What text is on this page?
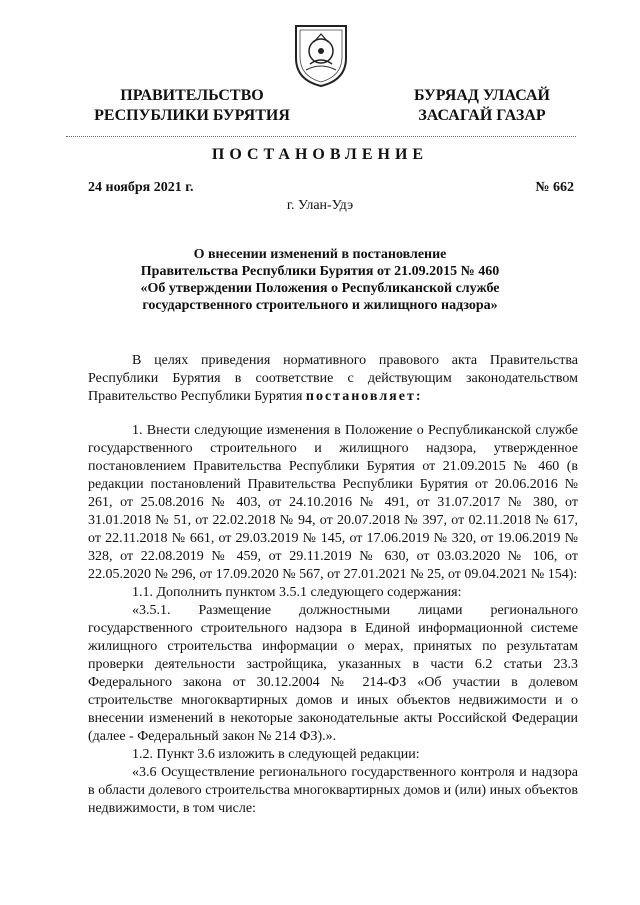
ПРАВИТЕЛЬСТВО
РЕСПУБЛИКИ БУРЯТИЯ
БУРЯАД УЛАСАЙ
ЗАСАГАЙ ГАЗАР
ПОСТАНОВЛЕНИЕ
24 ноября 2021 г.	№ 662
г. Улан-Удэ
О внесении изменений в постановление
Правительства Республики Бурятия от 21.09.2015 № 460
«Об утверждении Положения о Республиканской службе
государственного строительного и жилищного надзора»

В целях приведения нормативного правового акта Правительства Республики Бурятия в соответствие с действующим законодательством Правительство Республики Бурятия постановляет:

1. Внести следующие изменения в Положение о Республиканской службе государственного строительного и жилищного надзора, утвержденное постановлением Правительства Республики Бурятия от 21.09.2015 № 460 (в редакции постановлений Правительства Республики Бурятия от 20.06.2016 № 261, от 25.08.2016 № 403, от 24.10.2016 № 491, от 31.07.2017 № 380, от 31.01.2018 № 51, от 22.02.2018 № 94, от 20.07.2018 № 397, от 02.11.2018 № 617, от 22.11.2018 № 661, от 29.03.2019 № 145, от 17.06.2019 № 320, от 19.06.2019 № 328, от 22.08.2019 № 459, от 29.11.2019 № 630, от 03.03.2020 № 106, от 22.05.2020 № 296, от 17.09.2020 № 567, от 27.01.2021 № 25, от 09.04.2021 № 154):

1.1. Дополнить пунктом 3.5.1 следующего содержания:

«3.5.1. Размещение должностными лицами регионального государственного строительного надзора в Единой информационной системе жилищного строительства информации о мерах, принятых по результатам проверки деятельности застройщика, указанных в части 6.2 статьи 23.3 Федерального закона от 30.12.2004 № 214-ФЗ «Об участии в долевом строительстве многоквартирных домов и иных объектов недвижимости и о внесении изменений в некоторые законодательные акты Российской Федерации (далее - Федеральный закон № 214 ФЗ).».

1.2. Пункт 3.6 изложить в следующей редакции:

«3.6 Осуществление регионального государственного контроля и надзора в области долевого строительства многоквартирных домов и (или) иных объектов недвижимости, в том числе:
